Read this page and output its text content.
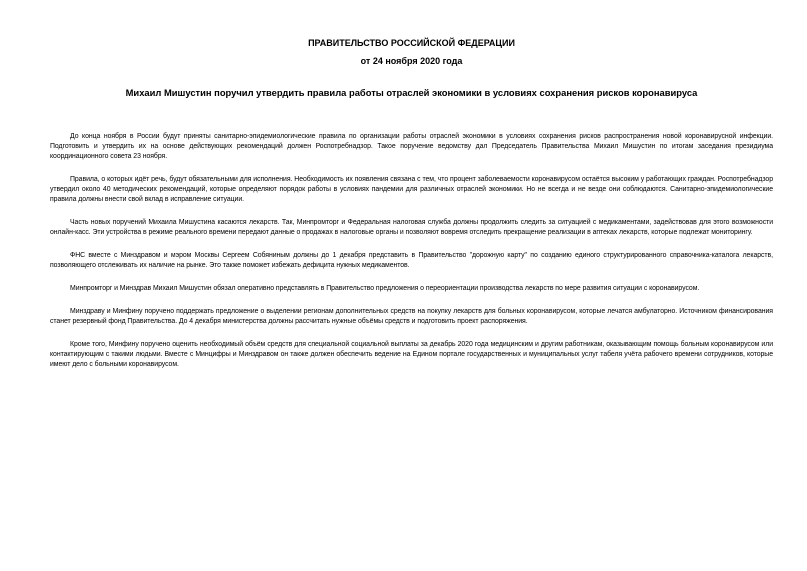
ПРАВИТЕЛЬСТВО РОССИЙСКОЙ ФЕДЕРАЦИИ

от 24 ноября 2020 года

Михаил Мишустин поручил утвердить правила работы отраслей экономики в условиях сохранения рисков коронавируса

До конца ноября в России будут приняты санитарно-эпидемиологические правила по организации работы отраслей экономики в условиях сохранения рисков распространения новой коронавирусной инфекции. Подготовить и утвердить их на основе действующих рекомендаций должен Роспотребнадзор. Такое поручение ведомству дал Председатель Правительства Михаил Мишустин по итогам заседания президиума координационного совета 23 ноября.

Правила, о которых идёт речь, будут обязательными для исполнения. Необходимость их появления связана с тем, что процент заболеваемости коронавирусом остаётся высоким у работающих граждан. Роспотребнадзор утвердил около 40 методических рекомендаций, которые определяют порядок работы в условиях пандемии для различных отраслей экономики. Но не всегда и не везде они соблюдаются. Санитарно-эпидемиологические правила должны внести свой вклад в исправление ситуации.

Часть новых поручений Михаила Мишустина касаются лекарств. Так, Минпромторг и Федеральная налоговая служба должны продолжить следить за ситуацией с медикаментами, задействовав для этого возможности онлайн-касс. Эти устройства в режиме реального времени передают данные о продажах в налоговые органы и позволяют вовремя отследить прекращение реализации в аптеках лекарств, которые подлежат мониторингу.

ФНС вместе с Минздравом и мэром Москвы Сергеем Собяниным должны до 1 декабря представить в Правительство "дорожную карту" по созданию единого структурированного справочника-каталога лекарств, позволяющего отслеживать их наличие на рынке. Это также поможет избежать дефицита нужных медикаментов.

Минпромторг и Минздрав Михаил Мишустин обязал оперативно представлять в Правительство предложения о переориентации производства лекарств по мере развития ситуации с коронавирусом.

Минздраву и Минфину поручено поддержать предложение о выделении регионам дополнительных средств на покупку лекарств для больных коронавирусом, которые лечатся амбулаторно. Источником финансирования станет резервный фонд Правительства. До 4 декабря министерства должны рассчитать нужные объёмы средств и подготовить проект распоряжения.

Кроме того, Минфину поручено оценить необходимый объём средств для специальной социальной выплаты за декабрь 2020 года медицинским и другим работникам, оказывающим помощь больным коронавирусом или контактирующим с такими людьми. Вместе с Минцифры и Минздравом он также должен обеспечить ведение на Едином портале государственных и муниципальных услуг табеля учёта рабочего времени сотрудников, которые имеют дело с больными коронавирусом.
